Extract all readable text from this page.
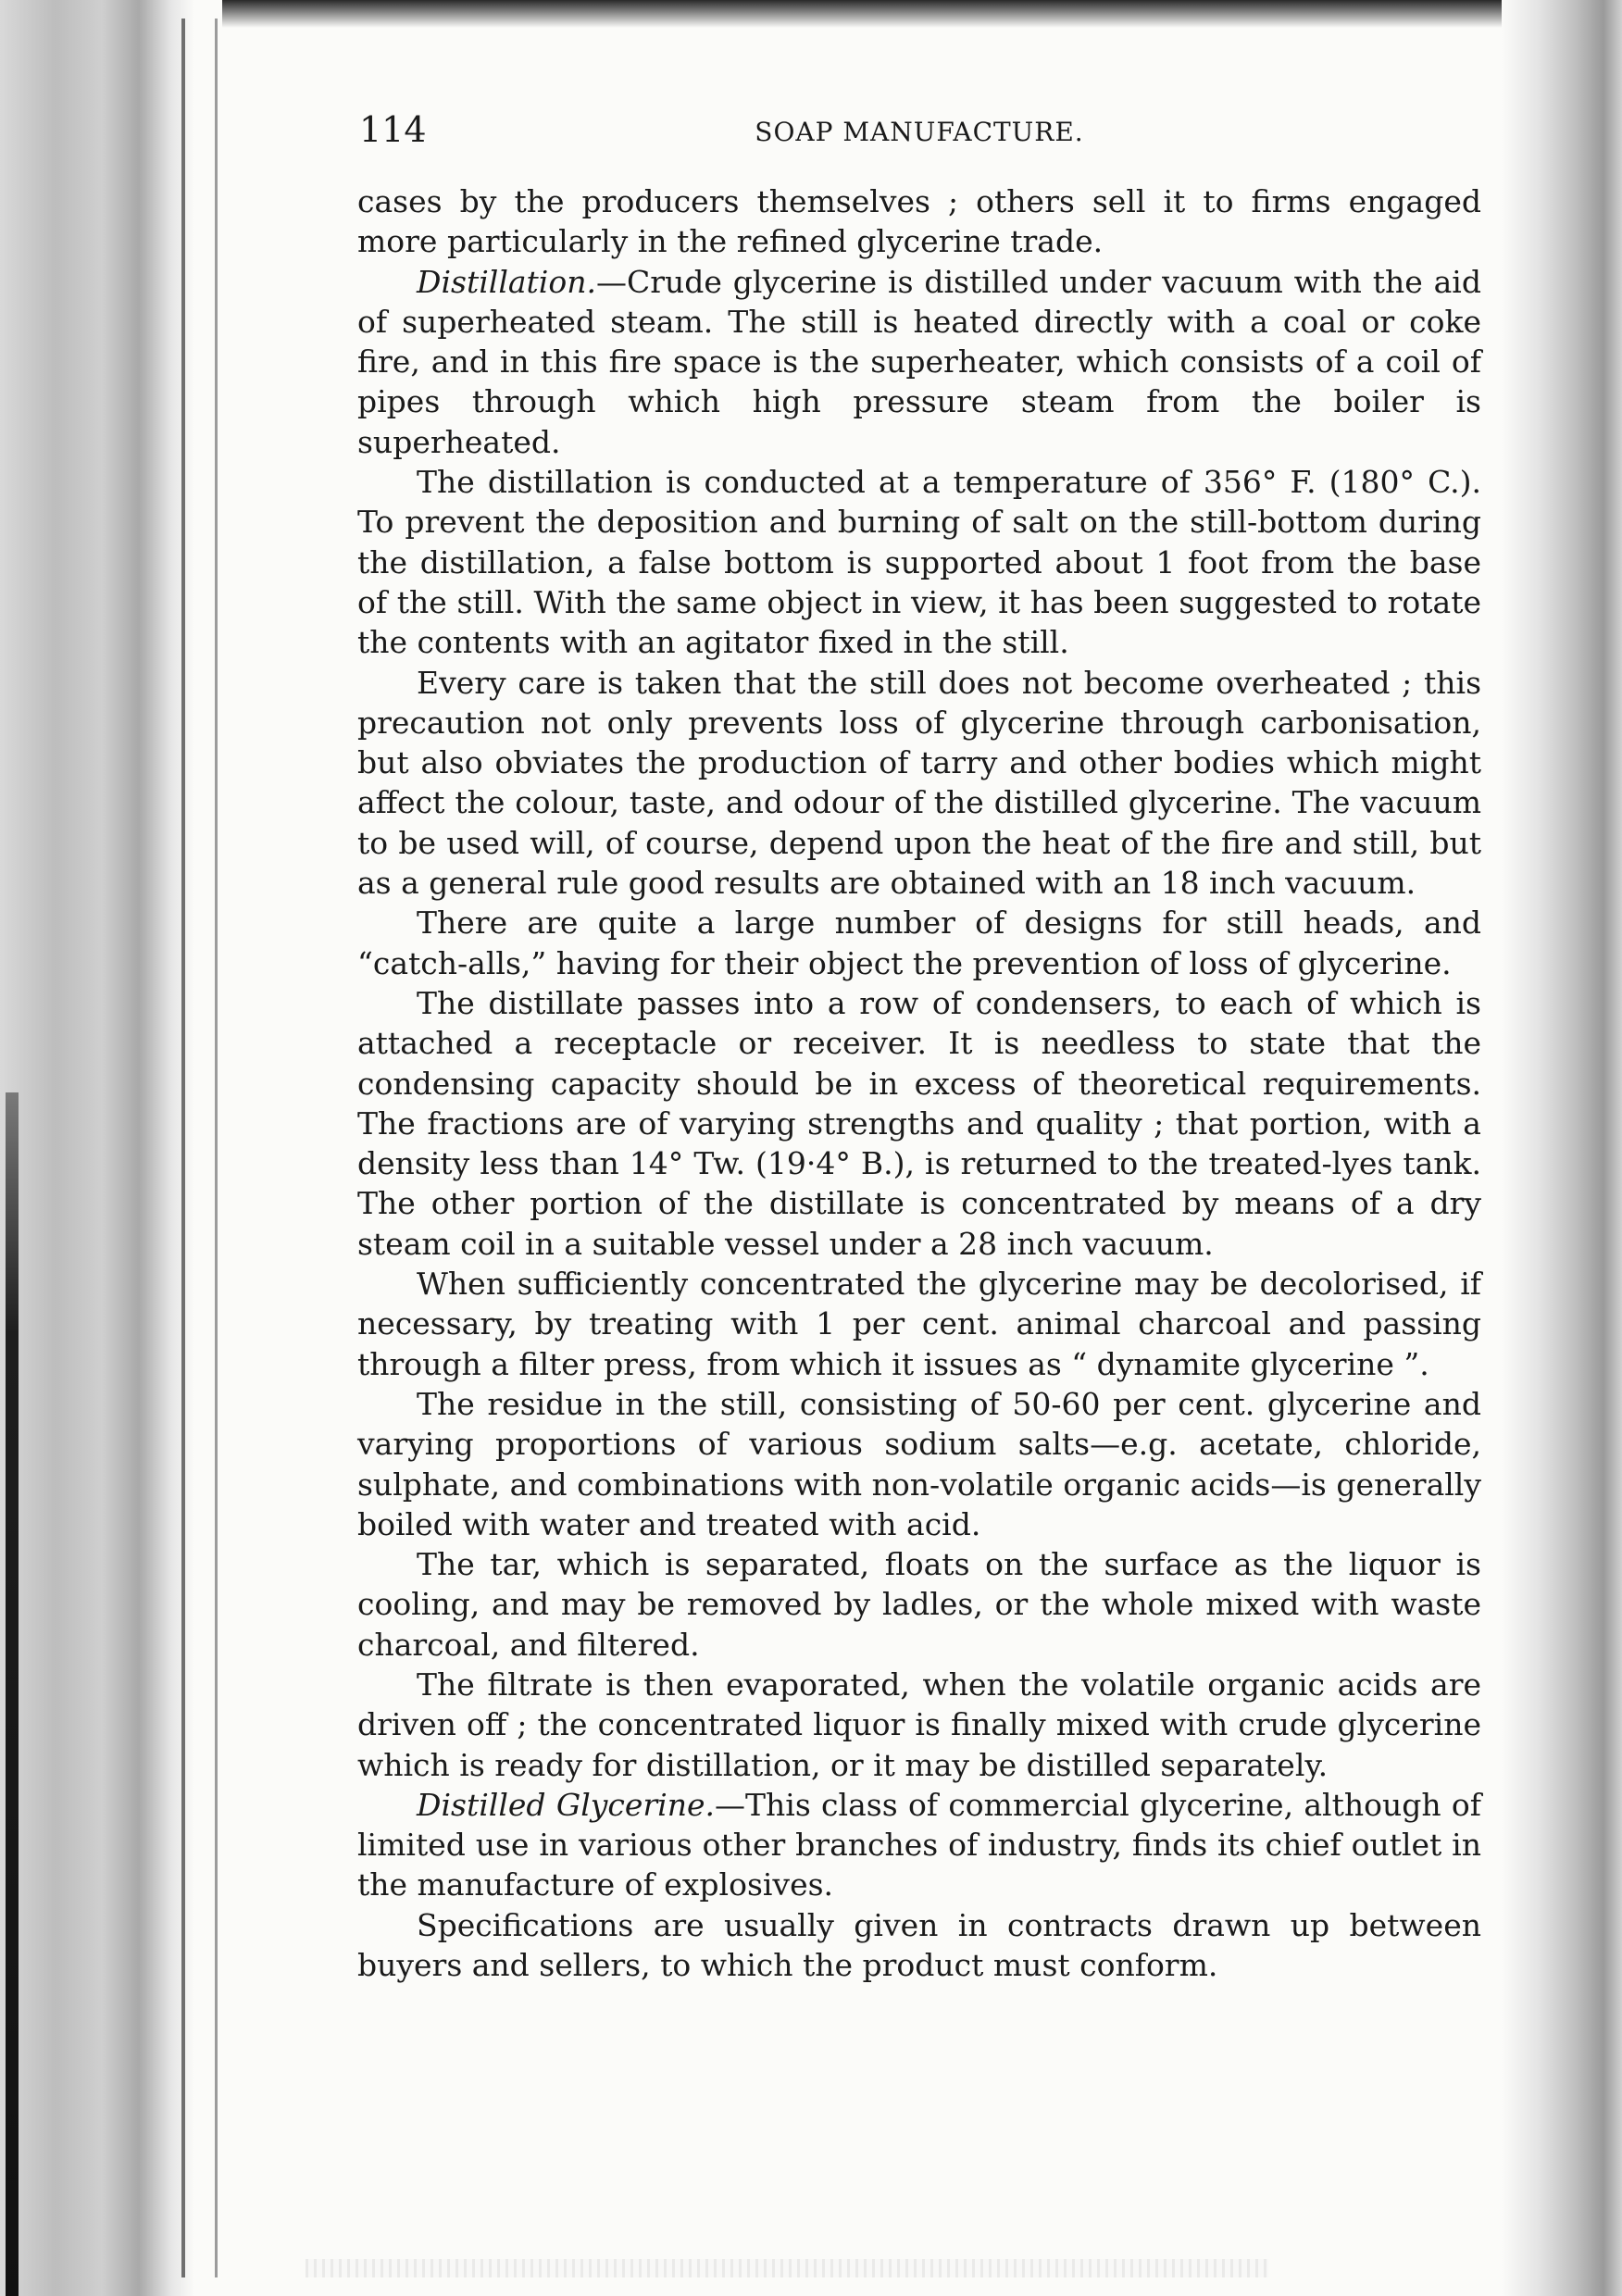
114	SOAP MANUFACTURE.

cases by the producers themselves ; others sell it to firms engaged more particularly in the refined glycerine trade.

Distillation.—Crude glycerine is distilled under vacuum with the aid of superheated steam. The still is heated directly with a coal or coke fire, and in this fire space is the superheater, which consists of a coil of pipes through which high pressure steam from the boiler is superheated.

The distillation is conducted at a temperature of 356° F. (180° C.). To prevent the deposition and burning of salt on the still-bottom during the distillation, a false bottom is supported about 1 foot from the base of the still. With the same object in view, it has been suggested to rotate the contents with an agitator fixed in the still.

Every care is taken that the still does not become overheated ; this precaution not only prevents loss of glycerine through carbonisation, but also obviates the production of tarry and other bodies which might affect the colour, taste, and odour of the distilled glycerine. The vacuum to be used will, of course, depend upon the heat of the fire and still, but as a general rule good results are obtained with an 18 inch vacuum.

There are quite a large number of designs for still heads, and “catch-alls,” having for their object the prevention of loss of glycerine.

The distillate passes into a row of condensers, to each of which is attached a receptacle or receiver. It is needless to state that the condensing capacity should be in excess of theoretical requirements. The fractions are of varying strengths and quality ; that portion, with a density less than 14° Tw. (19·4° B.), is returned to the treated-lyes tank. The other portion of the distillate is concentrated by means of a dry steam coil in a suitable vessel under a 28 inch vacuum.

When sufficiently concentrated the glycerine may be decolorised, if necessary, by treating with 1 per cent. animal charcoal and passing through a filter press, from which it issues as “ dynamite glycerine ”.

The residue in the still, consisting of 50-60 per cent. glycerine and varying proportions of various sodium salts—e.g. acetate, chloride, sulphate, and combinations with non-volatile organic acids—is generally boiled with water and treated with acid.

The tar, which is separated, floats on the surface as the liquor is cooling, and may be removed by ladles, or the whole mixed with waste charcoal, and filtered.

The filtrate is then evaporated, when the volatile organic acids are driven off ; the concentrated liquor is finally mixed with crude glycerine which is ready for distillation, or it may be distilled separately.

Distilled Glycerine.—This class of commercial glycerine, although of limited use in various other branches of industry, finds its chief outlet in the manufacture of explosives.

Specifications are usually given in contracts drawn up between buyers and sellers, to which the product must conform.
